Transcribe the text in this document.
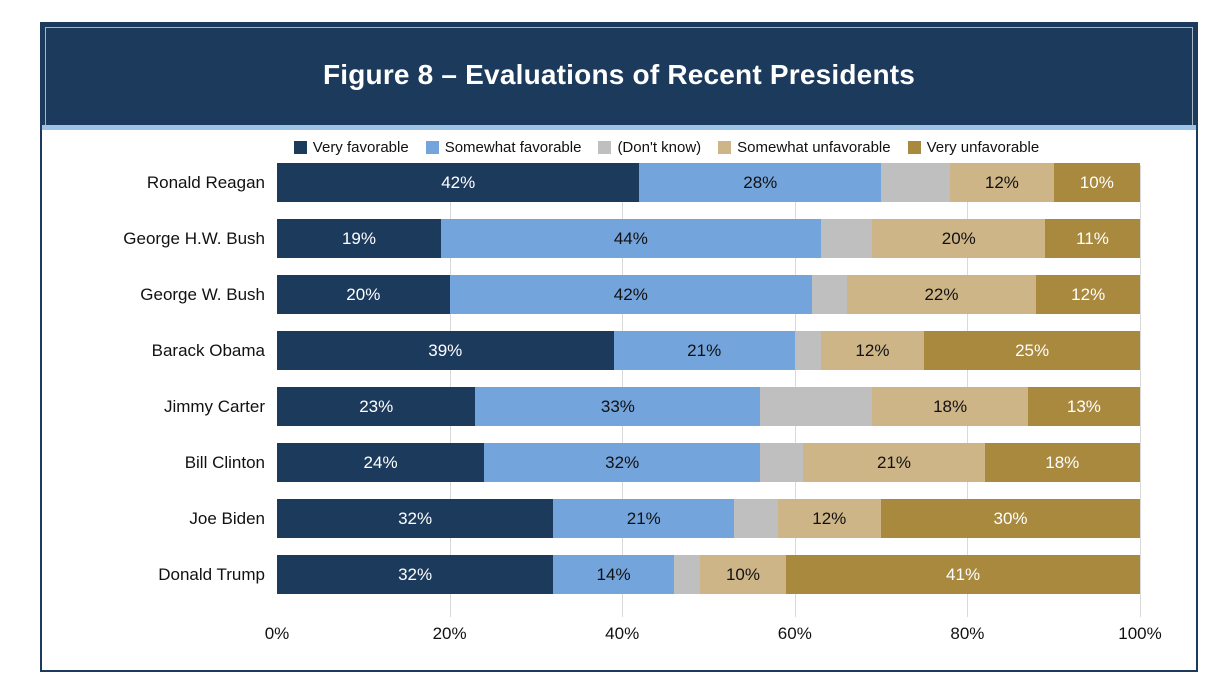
Figure 8 – Evaluations of Recent Presidents
Very favorable Somewhat favorable (Don't know) Somewhat unfavorable Very unfavorable
Ronald Reagan	42%	28%	12%	10%
George H.W. Bush	19%	44%	20%	11%
George W. Bush	20%	42%	22%	12%
Barack Obama	39%	21%	12%	25%
Jimmy Carter	23%	33%	18%	13%
Bill Clinton	24%	32%	21%	18%
Joe Biden	32%	21%	12%	30%
Donald Trump	32%	14%	10%	41%
0%	20%	40%	60%	80%	100%
